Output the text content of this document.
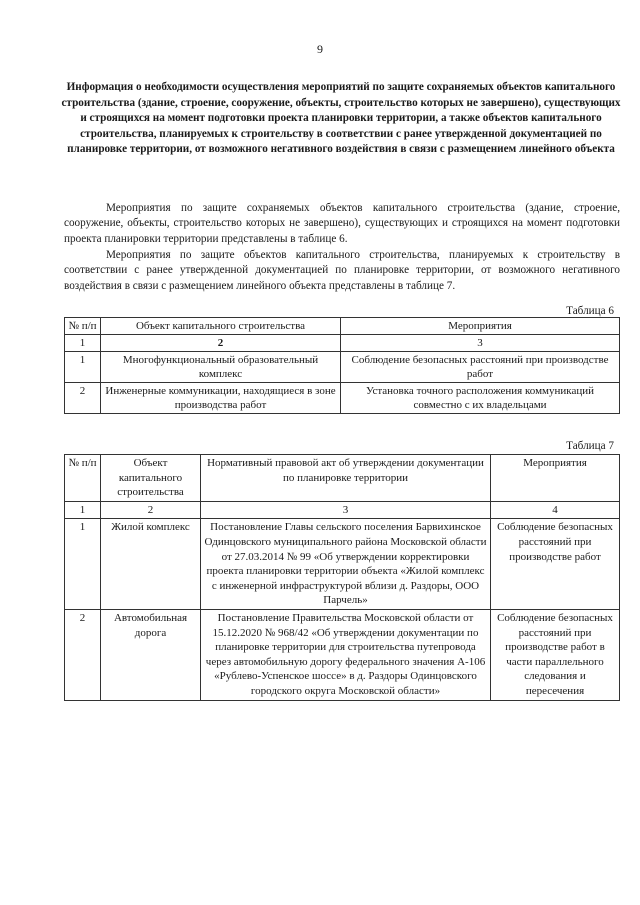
9

Информация о необходимости осуществления мероприятий по защите сохраняемых объектов капитального строительства (здание, строение, сооружение, объекты, строительство которых не завершено), существующих и строящихся на момент подготовки проекта планировки территории, а также объектов капитального строительства, планируемых к строительству в соответствии с ранее утвержденной документацией по планировке территории, от возможного негативного воздействия в связи с размещением линейного объекта

Мероприятия по защите сохраняемых объектов капитального строительства (здание, строение, сооружение, объекты, строительство которых не завершено), существующих и строящихся на момент подготовки проекта планировки территории представлены в таблице 6.

Мероприятия по защите объектов капитального строительства, планируемых к строительству в соответствии с ранее утвержденной документацией по планировке территории, от возможного негативного воздействия в связи с размещением линейного объекта представлены в таблице 7.

Таблица 6
№ п/п	Объект капитального строительства	Мероприятия
1	2	3
1	Многофункциональный образовательный комплекс	Соблюдение безопасных расстояний при производстве работ
2	Инженерные коммуникации, находящиеся в зоне производства работ	Установка точного расположения коммуникаций совместно с их владельцами
Таблица 7
№ п/п	Объект капитального строительства	Нормативный правовой акт об утверждении документации по планировке территории	Мероприятия
1	2	3	4
1	Жилой комплекс	Постановление Главы сельского поселения Барвихинское Одинцовского муниципального района Московской области от 27.03.2014 № 99 «Об утверждении корректировки проекта планировки территории объекта «Жилой комплекс с инженерной инфраструктурой вблизи д. Раздоры, ООО Парчель»	Соблюдение безопасных расстояний при производстве работ
2	Автомобильная дорога	Постановление Правительства Московской области от 15.12.2020 № 968/42 «Об утверждении документации по планировке территории для строительства путепровода через автомобильную дорогу федерального значения А-106 «Рублево-Успенское шоссе» в д. Раздоры Одинцовского городского округа Московской области»	Соблюдение безопасных расстояний при производстве работ в части параллельного следования и пересечения
